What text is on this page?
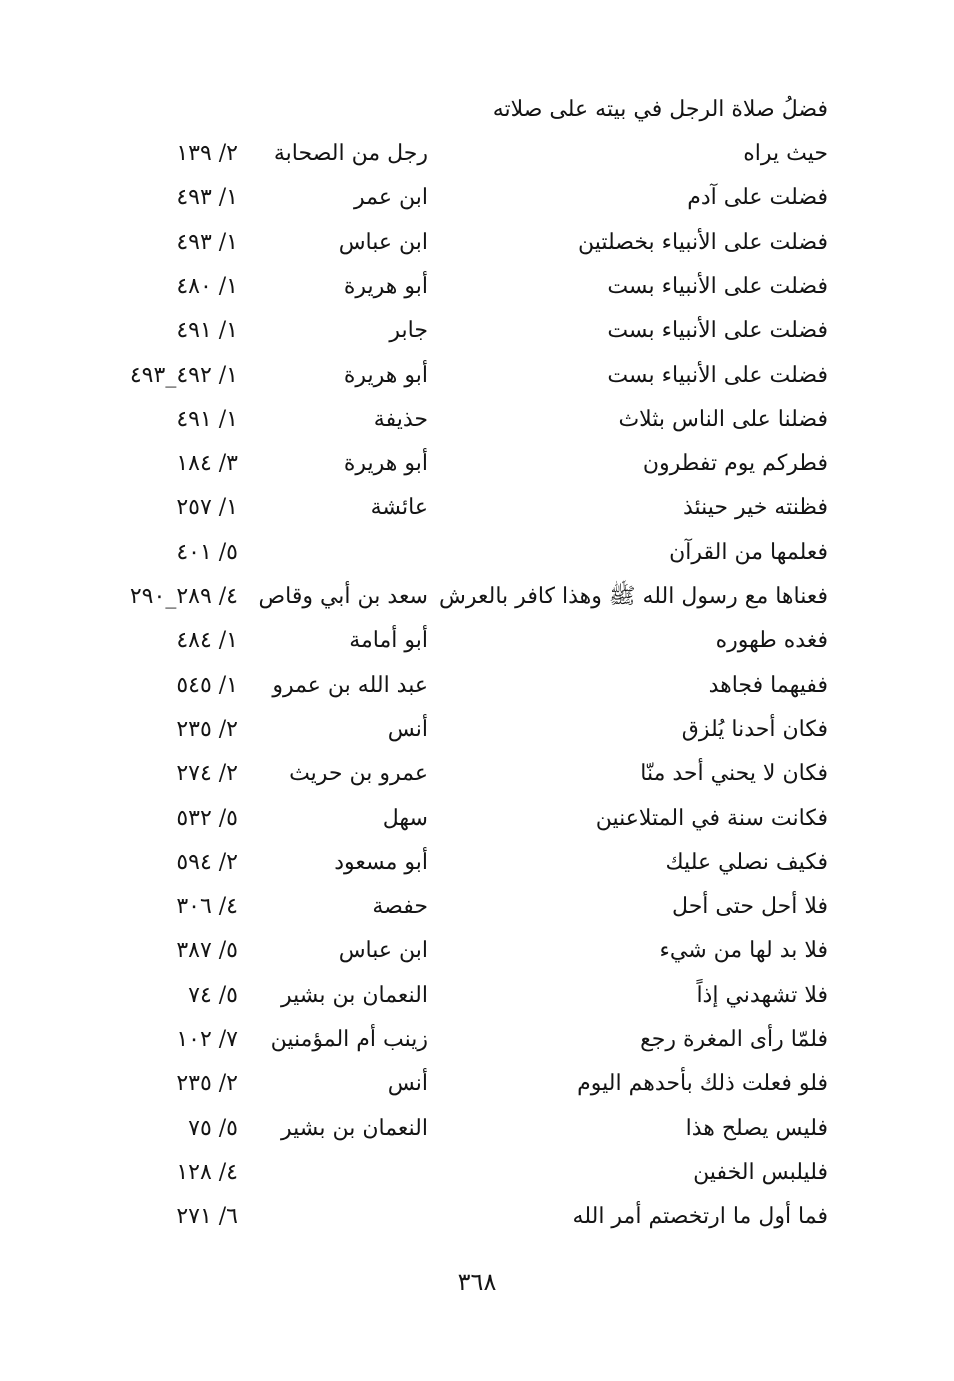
فضلُ صلاة الرجل في بيته على صلاته
حيث يراه
رجل من الصحابة
٢/ ١٣٩
فضلت على آدم
ابن عمر
١/ ٤٩٣
فضلت على الأنبياء بخصلتين
ابن عباس
١/ ٤٩٣
فضلت على الأنبياء بست
أبو هريرة
١/ ٤٨٠
فضلت على الأنبياء بست
جابر
١/ ٤٩١
فضلت على الأنبياء بست
أبو هريرة
١/ ٤٩٢_٤٩٣
فضلنا على الناس بثلاث
حذيفة
١/ ٤٩١
فطركم يوم تفطرون
أبو هريرة
٣/ ١٨٤
فظنته خير حينئذ
عائشة
١/ ٢٥٧
فعلمها من القرآن
٥/ ٤٠١
فعناها مع رسول الله ﷺ وهذا كافر بالعرش
سعد بن أبي وقاص
٤/ ٢٨٩_٢٩٠
فغده طهوره
أبو أمامة
١/ ٤٨٤
ففيهما فجاهد
عبد الله بن عمرو
١/ ٥٤٥
فكان أحدنا يُلزق
أنس
٢/ ٢٣٥
فكان لا يحني أحد منّا
عمرو بن حريث
٢/ ٢٧٤
فكانت سنة في المتلاعنين
سهل
٥/ ٥٣٢
فكيف نصلي عليك
أبو مسعود
٢/ ٥٩٤
فلا أحل حتى أحل
حفصة
٤/ ٣٠٦
فلا بد لها من شيء
ابن عباس
٥/ ٣٨٧
فلا تشهدني إذاً
النعمان بن بشير
٥/ ٧٤
فلمّا رأى المغرة رجع
زينب أم المؤمنين
٧/ ١٠٢
فلو فعلت ذلك بأحدهم اليوم
أنس
٢/ ٢٣٥
فليس يصلح هذا
النعمان بن بشير
٥/ ٧٥
فليلبس الخفين
٤/ ١٢٨
فما أول ما ارتخصتم أمر الله
٦/ ٢٧١
٣٦٨
